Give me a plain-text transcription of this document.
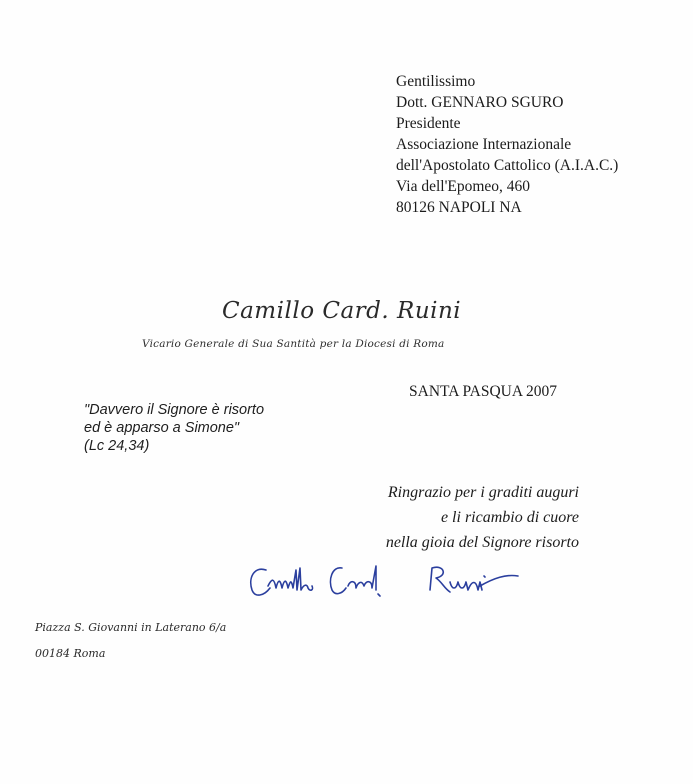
Gentilissimo
Dott. GENNARO SGURO
Presidente
Associazione Internazionale
dell'Apostolato Cattolico (A.I.A.C.)
Via dell'Epomeo, 460
80126 NAPOLI NA
Camillo Card. Ruini
Vicario Generale di Sua Santità per la Diocesi di Roma
SANTA PASQUA 2007
"Davvero il Signore è risorto
ed è apparso a Simone"
(Lc 24,34)
Ringrazio per i graditi auguri
e li ricambio di cuore
nella gioia del Signore risorto
Piazza S. Giovanni in Laterano 6/a
00184 Roma
